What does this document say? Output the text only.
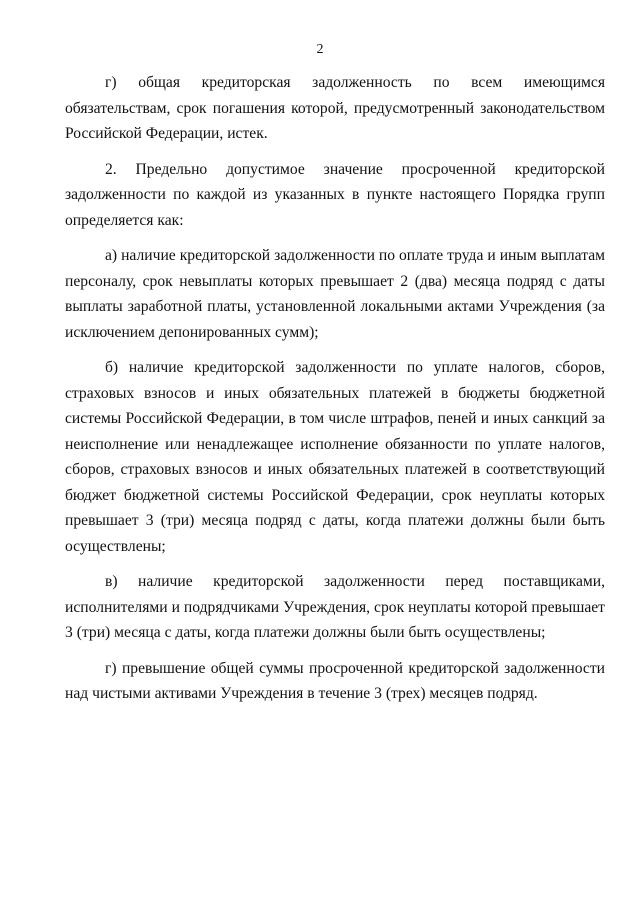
2

г) общая кредиторская задолженность по всем имеющимся обязательствам, срок погашения которой, предусмотренный законодательством Российской Федерации, истек.

2. Предельно допустимое значение просроченной кредиторской задолженности по каждой из указанных в пункте настоящего Порядка групп определяется как:

а) наличие кредиторской задолженности по оплате труда и иным выплатам персоналу, срок невыплаты которых превышает 2 (два) месяца подряд с даты выплаты заработной платы, установленной локальными актами Учреждения (за исключением депонированных сумм);

б) наличие кредиторской задолженности по уплате налогов, сборов, страховых взносов и иных обязательных платежей в бюджеты бюджетной системы Российской Федерации, в том числе штрафов, пеней и иных санкций за неисполнение или ненадлежащее исполнение обязанности по уплате налогов, сборов, страховых взносов и иных обязательных платежей в соответствующий бюджет бюджетной системы Российской Федерации, срок неуплаты которых превышает 3 (три) месяца подряд с даты, когда платежи должны были быть осуществлены;

в) наличие кредиторской задолженности перед поставщиками, исполнителями и подрядчиками Учреждения, срок неуплаты которой превышает 3 (три) месяца с даты, когда платежи должны были быть осуществлены;

г) превышение общей суммы просроченной кредиторской задолженности над чистыми активами Учреждения в течение 3 (трех) месяцев подряд.
